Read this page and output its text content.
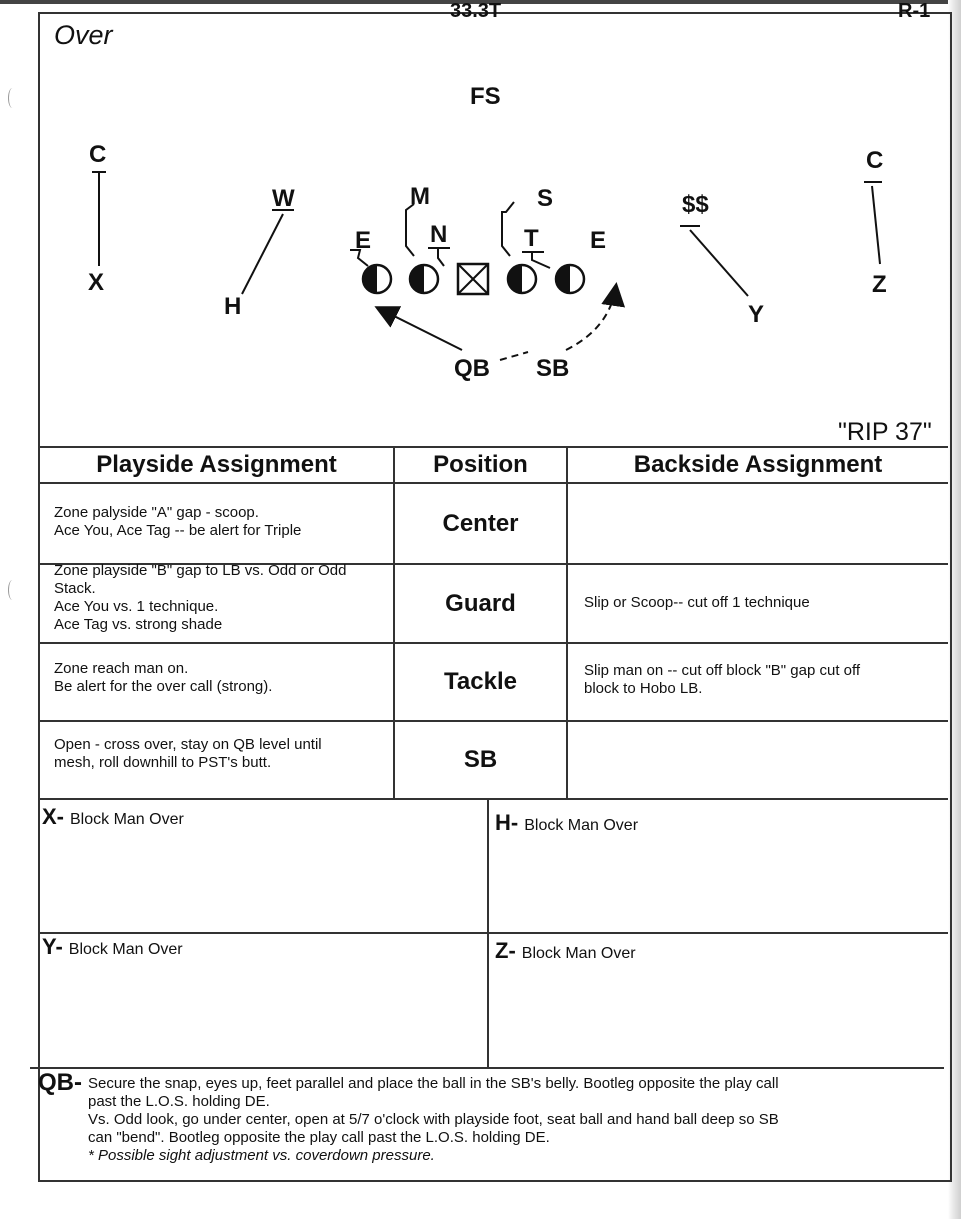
33.3T	R-1
Over
FS
C
X
W
H
M	S
E N	T E
$$
Y
C
Z
QB SB
"RIP 37"
Playside Assignment	Position	Backside Assignment
Zone palyside "A" gap - scoop.
Ace You, Ace Tag -- be alert for Triple	Center
Zone playside "B" gap to LB vs. Odd or Odd
Stack.
Ace You vs. 1 technique.
Ace Tag vs. strong shade
Guard	Slip or Scoop-- cut off 1 technique
Zone reach man on.
Be alert for the over call (strong).	Tackle	Slip man on -- cut off block "B" gap cut off
block to Hobo LB.
Open - cross over, stay on QB level until
mesh, roll downhill to PST's butt.	SB
X- Block Man Over	H- Block Man Over
Y- Block Man Over	Z- Block Man Over
QB- Secure the snap, eyes up, feet parallel and place the ball in the SB's belly. Bootleg opposite the play call
past the L.O.S. holding DE.
Vs. Odd look, go under center, open at 5/7 o'clock with playside foot, seat ball and hand ball deep so SB
can "bend". Bootleg opposite the play call past the L.O.S. holding DE.
* Possible sight adjustment vs. coverdown pressure.
